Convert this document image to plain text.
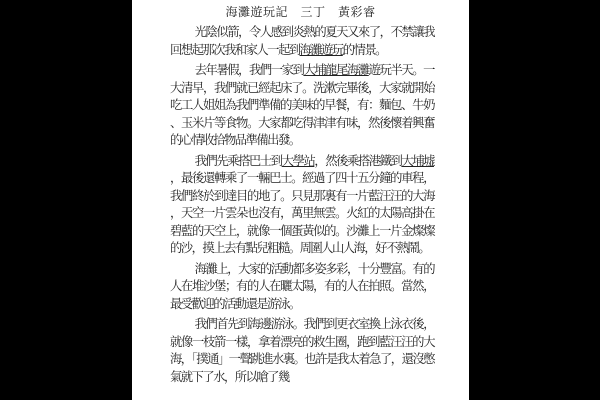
海灘遊玩記　三丁　黃彩睿

光陰似箭，令人感到炎熱的夏天又來了，不禁讓我回想起那次我和家人一起到海灘遊玩的情景。

去年暑假，我們一家到大埔龍尾海灘遊玩半天。一大清早，我們就已經起床了。洗漱完畢後，大家就開始吃工人姐姐為我們準備的美味的早餐，有：麵包、牛奶、玉米片等食物。大家都吃得津津有味，然後懷着興奮的心情收拾物品準備出發。

我們先乘搭巴士到大學站，然後乘搭港鐵到大埔墟，最後還轉乘了一輛巴士。經過了四十五分鐘的車程，我們終於到達目的地了。只見那裏有一片藍汪汪的大海，天空一片雲朵也沒有，萬里無雲。火紅的太陽高掛在碧藍的天空上，就像一個蛋黃似的。沙灘上一片金燦燦的沙，摸上去有點兒粗糙。周圍人山人海，好不熱鬧。

海灘上，大家的活動都多姿多彩，十分豐富。有的人在堆沙堡；有的人在曬太陽，有的人在拍照。當然，最受歡迎的活動還是游泳。

我們首先到海邊游泳。我們到更衣室換上泳衣後，就像一枝箭一樣，拿着漂亮的救生圈，跑到藍汪汪的大海，「撲通」一聲跳進水裏。也許是我太着急了，還沒憋氣就下了水，所以嗆了幾
